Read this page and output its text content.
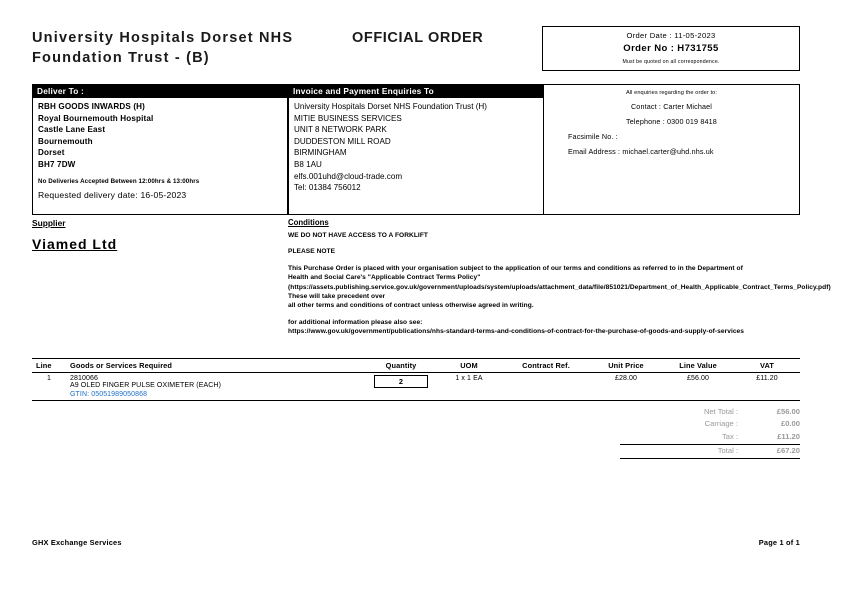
University Hospitals Dorset NHS
Foundation Trust - (B)
OFFICIAL ORDER	Order Date : 11-05-2023
Order No : H731755
Must be quoted on all correspondence.
Deliver To :
RBH GOODS INWARDS (H)
Royal Bournemouth Hospital
Castle Lane East
Bournemouth
Dorset
BH7 7DW
No Deliveries Accepted Between 12:00hrs & 13:00hrs
Requested delivery date: 16-05-2023
Invoice and Payment Enquiries To
University Hospitals Dorset NHS Foundation Trust (H)
MITIE BUSINESS SERVICES
UNIT 8 NETWORK PARK
DUDDESTON MILL ROAD
BIRMINGHAM
B8 1AU
elfs.001uhd@cloud-trade.com
Tel: 01384 756012
All enquiries regarding the order to:
Contact : Carter Michael
Telephone : 0300 019 8418
Facsimile No. :
Email Address : michael.carter@uhd.nhs.uk
Supplier
Viamed Ltd
Conditions
WE DO NOT HAVE ACCESS TO A FORKLIFT
PLEASE NOTE
This Purchase Order is placed with your organisation subject to the application of our terms and conditions as referred to in the Department of
Health and Social Care's "Applicable Contract Terms Policy"
(https://assets.publishing.service.gov.uk/government/uploads/system/uploads/attachment_data/file/851021/Department_of_Health_Applicable_Contract_Terms_Policy.pdf)
These will take precedent over
all other terms and conditions of contract unless otherwise agreed in writing.
for additional information please also see:
https://www.gov.uk/government/publications/nhs-standard-terms-and-conditions-of-contract-for-the-purchase-of-goods-and-supply-of-services
Line	Goods or Services Required	Quantity	UOM	Contract Ref.	Unit Price	Line Value	VAT
1	2810066
A9 OLED FINGER PULSE OXIMETER (EACH)
GTIN: 05051989050868	2	1 x 1 EA		£28.00	£56.00	£11.20
Net Total :	£56.00
Carriage :	£0.00
Tax :	£11.20
Total :	£67.20
GHX Exchange Services	Page 1 of 1
